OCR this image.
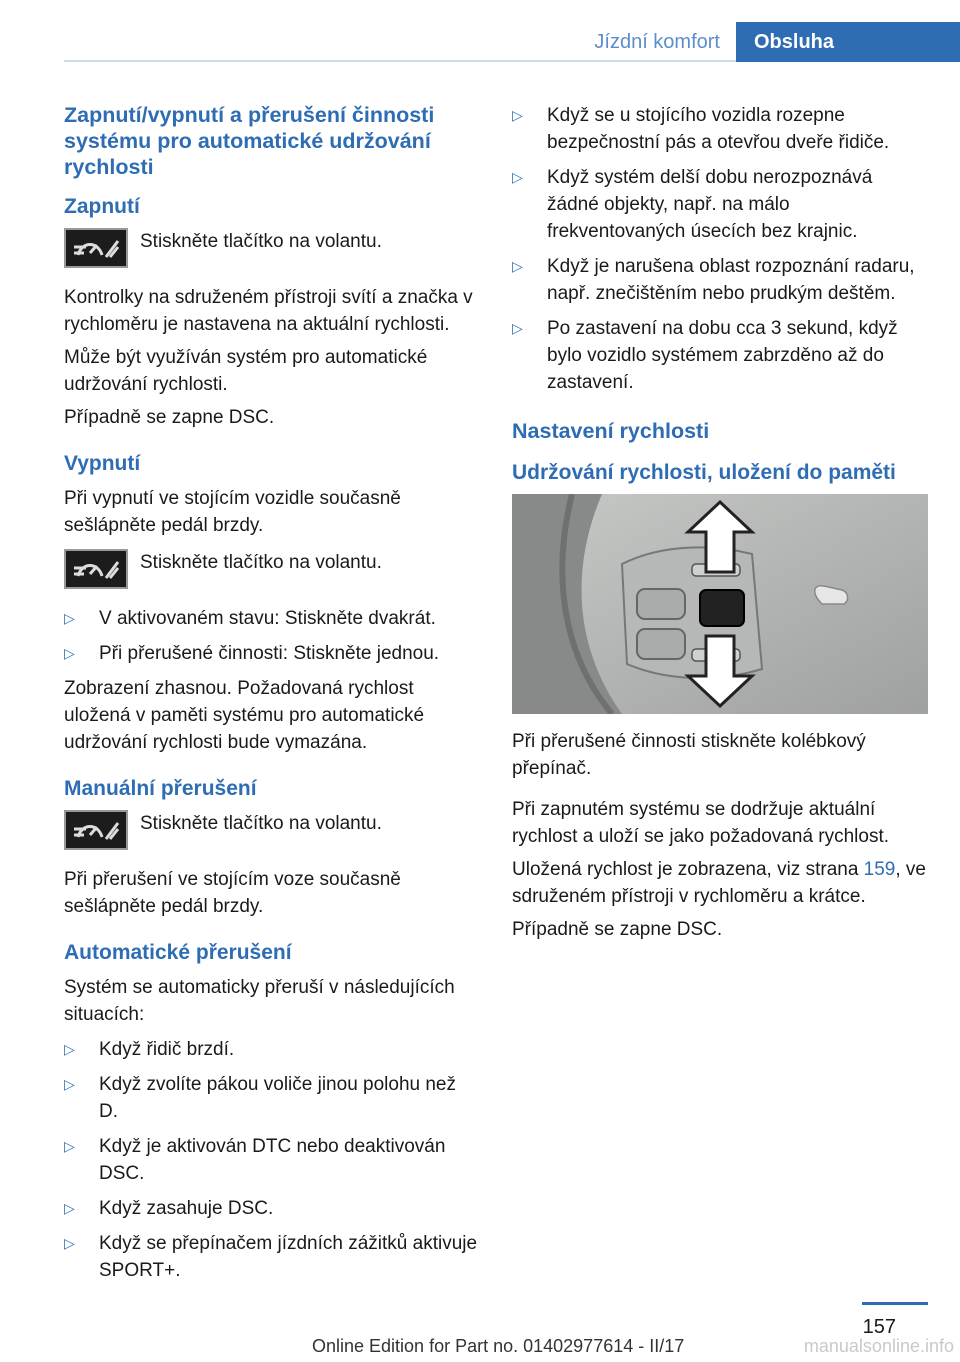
Jízdní komfort	Obsluha
Zapnutí/vypnutí a přerušení činnosti systému pro automatické udržování rychlosti
Zapnutí

Stiskněte tlačítko na volantu.

Kontrolky na sdruženém přístroji svítí a značka v rychloměru je nastavena na aktuální rychlosti.

Může být využíván systém pro automatické udržování rychlosti.

Případně se zapne DSC.

Vypnutí

Při vypnutí ve stojícím vozidle současně sešlápněte pedál brzdy.

Stiskněte tlačítko na volantu.

▷	V aktivovaném stavu: Stiskněte dvakrát.
▷	Při přerušené činnosti: Stiskněte jednou.

Zobrazení zhasnou. Požadovaná rychlost uložená v paměti systému pro automatické udržování rychlosti bude vymazána.

Manuální přerušení

Stiskněte tlačítko na volantu.

Při přerušení ve stojícím voze současně sešlápněte pedál brzdy.

Automatické přerušení

Systém se automaticky přeruší v následujících situacích:

▷	Když řidič brzdí.
▷	Když zvolíte pákou voliče jinou polohu než D.
▷	Když je aktivován DTC nebo deaktivován DSC.
▷	Když zasahuje DSC.
▷	Když se přepínačem jízdních zážitků aktivuje SPORT+.
▷	Když se u stojícího vozidla rozepne bezpečnostní pás a otevřou dveře řidiče.
▷	Když systém delší dobu nerozpoznává žádné objekty, např. na málo frekventovaných úsecích bez krajnic.
▷	Když je narušena oblast rozpoznání radaru, např. znečištěním nebo prudkým deštěm.
▷	Po zastavení na dobu cca 3 sekund, když bylo vozidlo systémem zabrzděno až do zastavení.
Nastavení rychlosti
Udržování rychlosti, uložení do paměti

Při přerušené činnosti stiskněte kolébkový přepínač.

Při zapnutém systému se dodržuje aktuální rychlost a uloží se jako požadovaná rychlost.

Uložená rychlost je zobrazena, viz strana 159, ve sdruženém přístroji v rychloměru a krátce.

Případně se zapne DSC.

157
Online Edition for Part no. 01402977614 - II/17	manualsonline.info
